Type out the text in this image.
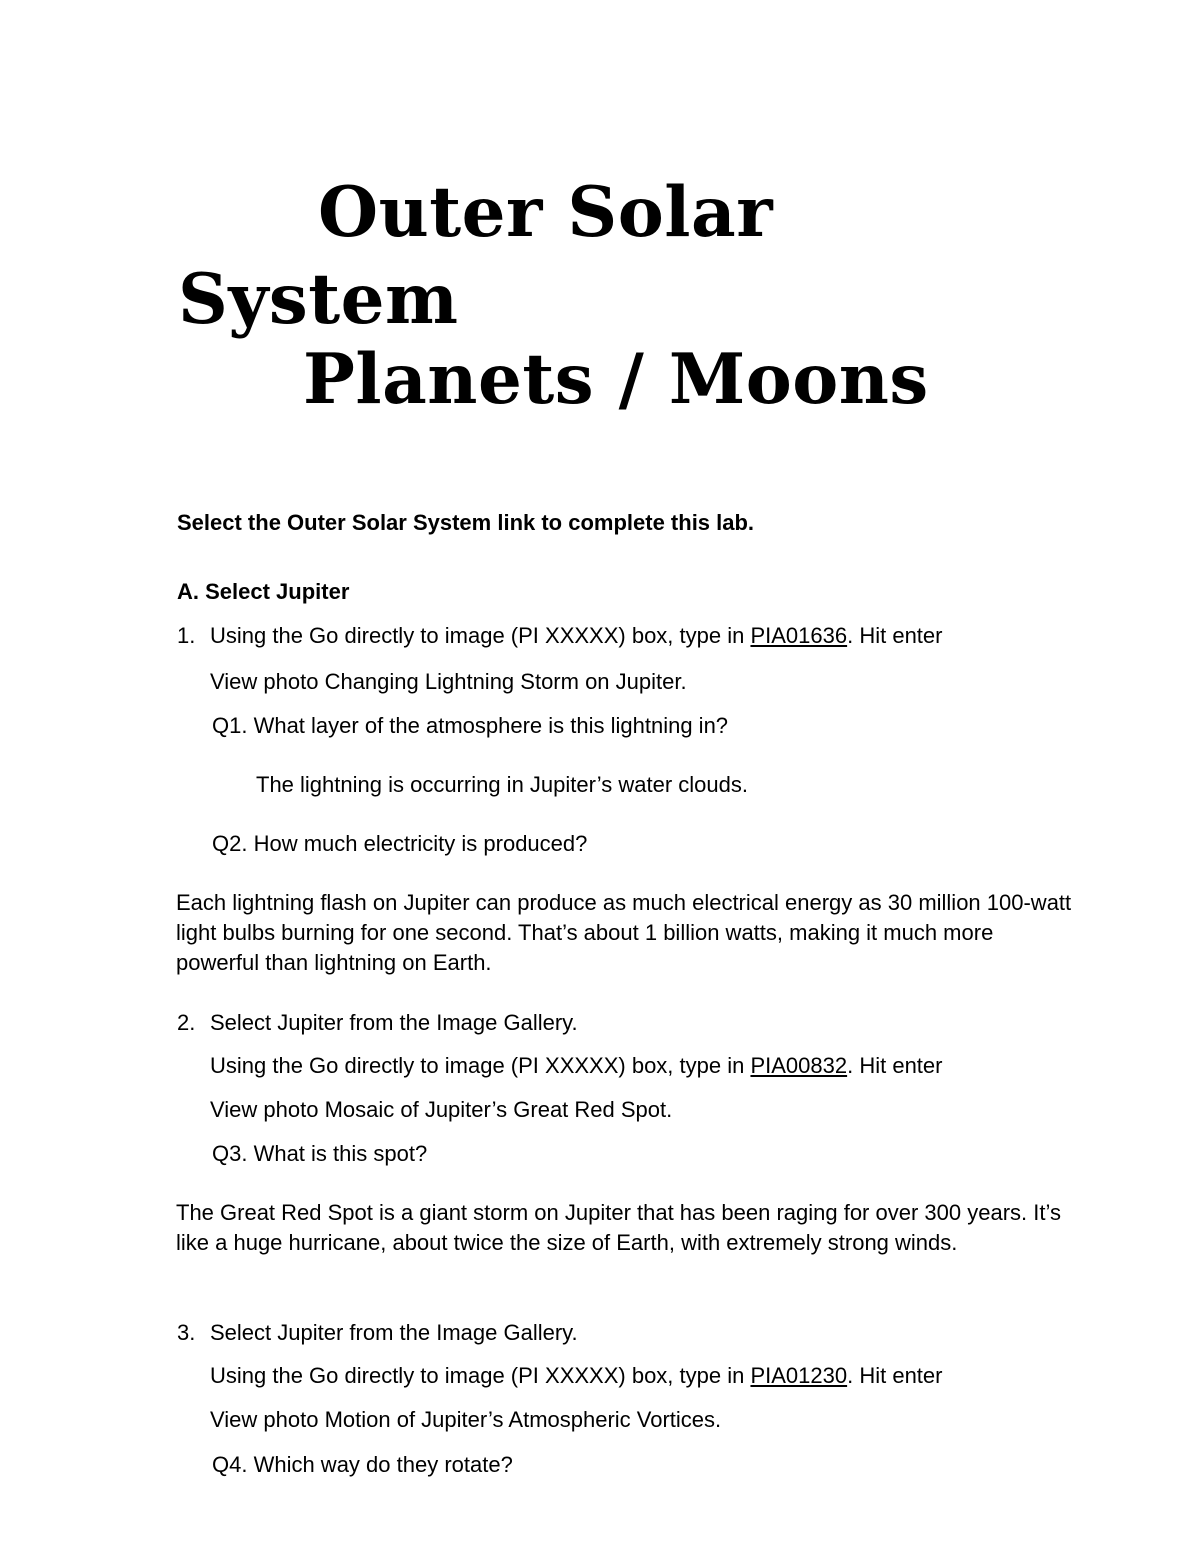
Outer Solar
System
Planets / Moons

Select the Outer Solar System link to complete this lab.

A. Select Jupiter

1. Using the Go directly to image (PI XXXXX) box, type in PIA01636. Hit enter

View photo Changing Lightning Storm on Jupiter.

Q1. What layer of the atmosphere is this lightning in?

The lightning is occurring in Jupiter’s water clouds.

Q2. How much electricity is produced?

Each lightning flash on Jupiter can produce as much electrical energy as 30 million 100-watt light bulbs burning for one second. That’s about 1 billion watts, making it much more powerful than lightning on Earth.

2. Select Jupiter from the Image Gallery.

Using the Go directly to image (PI XXXXX) box, type in PIA00832. Hit enter

View photo Mosaic of Jupiter’s Great Red Spot.

Q3. What is this spot?

The Great Red Spot is a giant storm on Jupiter that has been raging for over 300 years. It’s like a huge hurricane, about twice the size of Earth, with extremely strong winds.

3. Select Jupiter from the Image Gallery.

Using the Go directly to image (PI XXXXX) box, type in PIA01230. Hit enter

View photo Motion of Jupiter’s Atmospheric Vortices.

Q4. Which way do they rotate?
